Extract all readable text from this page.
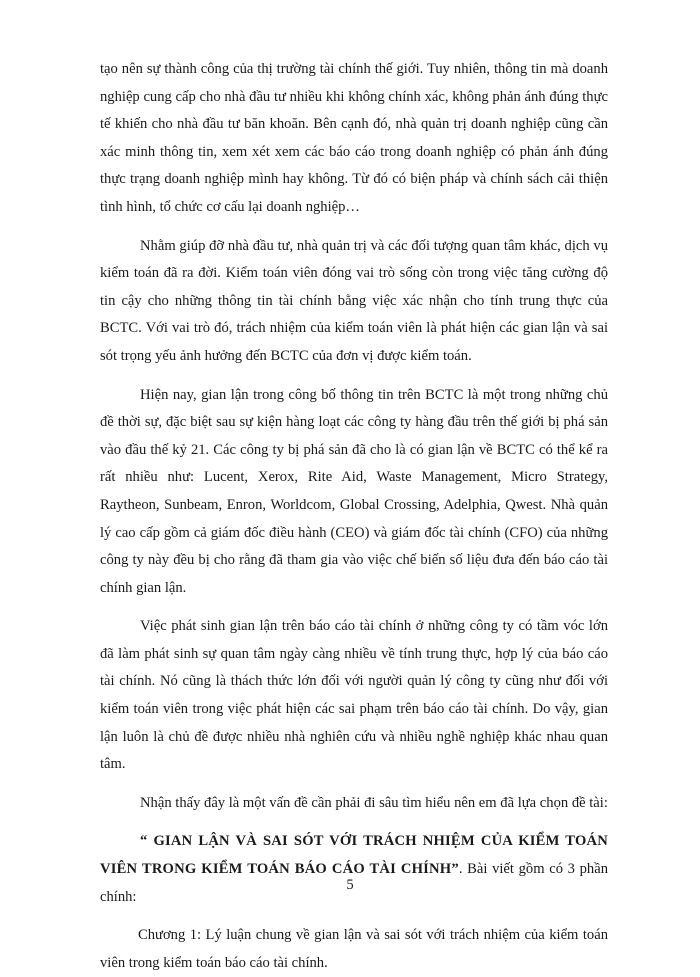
tạo nên sự thành công của thị trường tài chính thế giới. Tuy nhiên, thông tin mà doanh nghiệp cung cấp cho nhà đầu tư nhiều khi không chính xác, không phản ánh đúng thực tế khiến cho nhà đầu tư băn khoăn. Bên cạnh đó, nhà quản trị doanh nghiệp cũng cần xác minh thông tin, xem xét xem các báo cáo trong doanh nghiệp có phản ánh đúng thực trạng doanh nghiệp mình hay không. Từ đó có biện pháp và chính sách cải thiện tình hình, tổ chức cơ cấu lại doanh nghiệp…

Nhằm giúp đỡ nhà đầu tư, nhà quản trị và các đối tượng quan tâm khác, dịch vụ kiểm toán đã ra đời. Kiểm toán viên đóng vai trò sống còn trong việc tăng cường độ tin cậy cho những thông tin tài chính bằng việc xác nhận cho tính trung thực của BCTC. Với vai trò đó, trách nhiệm của kiểm toán viên là phát hiện các gian lận và sai sót trọng yếu ảnh hưởng đến BCTC của đơn vị được kiểm toán.

Hiện nay, gian lận trong công bố thông tin trên BCTC là một trong những chủ đề thời sự, đặc biệt sau sự kiện hàng loạt các công ty hàng đầu trên thế giới bị phá sản vào đầu thế kỷ 21. Các công ty bị phá sản đã cho là có gian lận về BCTC có thể kể ra rất nhiều như: Lucent, Xerox, Rite Aid, Waste Management, Micro Strategy, Raytheon, Sunbeam, Enron, Worldcom, Global Crossing, Adelphia, Qwest. Nhà quản lý cao cấp gồm cả giám đốc điều hành (CEO) và giám đốc tài chính (CFO) của những công ty này đều bị cho rằng đã tham gia vào việc chế biến số liệu đưa đến báo cáo tài chính gian lận.

Việc phát sinh gian lận trên báo cáo tài chính ở những công ty có tầm vóc lớn đã làm phát sinh sự quan tâm ngày càng nhiều về tính trung thực, hợp lý của báo cáo tài chính. Nó cũng là thách thức lớn đối với người quản lý công ty cũng như đối với kiểm toán viên trong việc phát hiện các sai phạm trên báo cáo tài chính. Do vậy, gian lận luôn là chủ đề được nhiều nhà nghiên cứu và nhiều nghề nghiệp khác nhau quan tâm.

Nhận thấy đây là một vấn đề cần phải đi sâu tìm hiểu nên em đã lựa chọn đề tài:

“ GIAN LẬN VÀ SAI SÓT VỚI TRÁCH NHIỆM CỦA KIỂM TOÁN VIÊN TRONG KIỂM TOÁN BÁO CÁO TÀI CHÍNH”. Bài viết gồm có 3 phần chính:

Chương 1: Lý luận chung về gian lận và sai sót với trách nhiệm của kiểm toán viên trong kiểm toán báo cáo tài chính.

5
